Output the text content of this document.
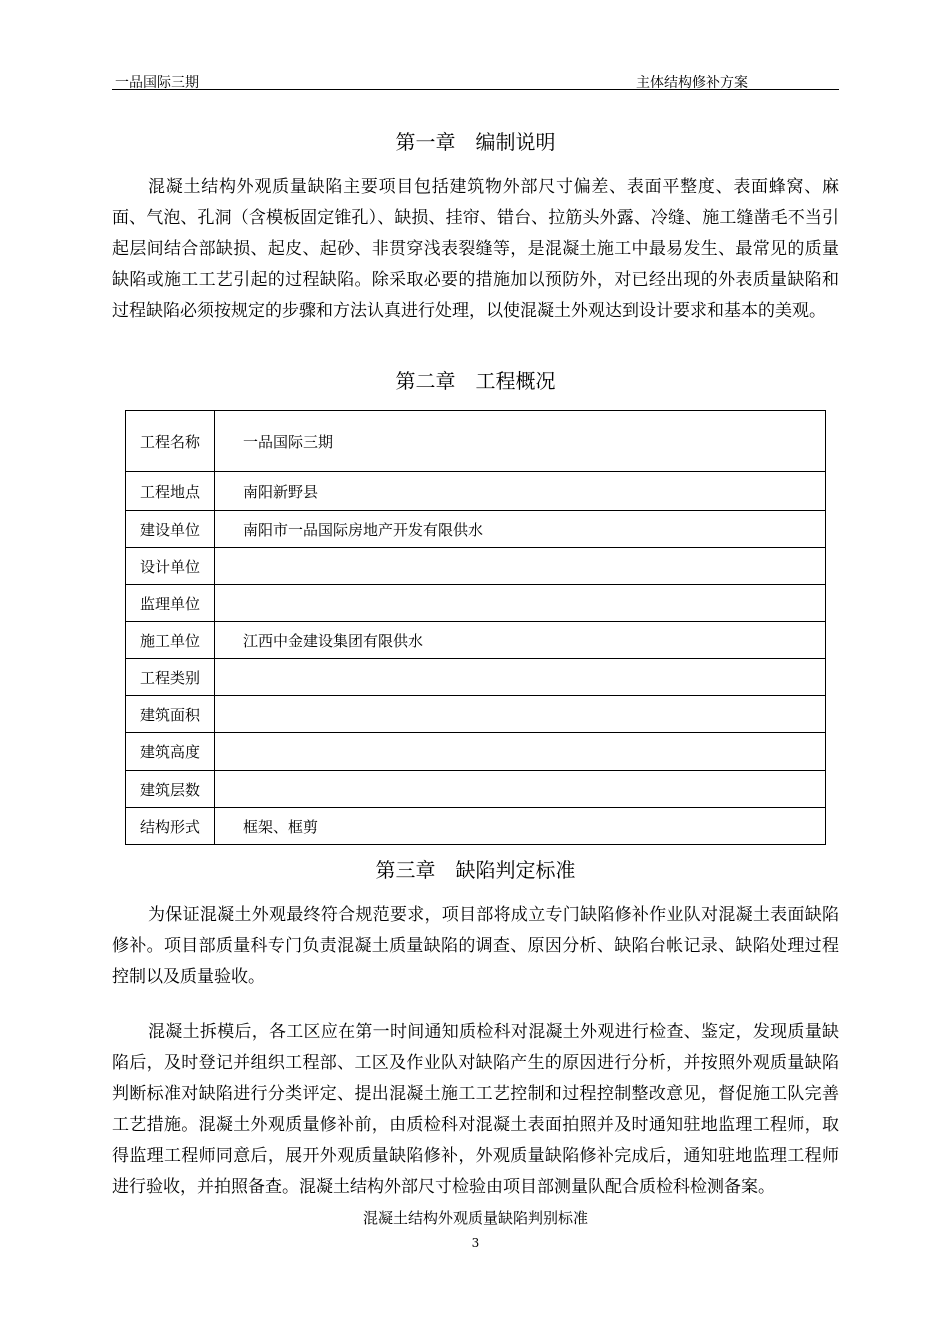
一品国际三期	主体结构修补方案
第一章　编制说明

混凝土结构外观质量缺陷主要项目包括建筑物外部尺寸偏差、表面平整度、表面蜂窝、麻面、气泡、孔洞（含模板固定锥孔）、缺损、挂帘、错台、拉筋头外露、冷缝、施工缝凿毛不当引起层间结合部缺损、起皮、起砂、非贯穿浅表裂缝等，是混凝土施工中最易发生、最常见的质量缺陷或施工工艺引起的过程缺陷。除采取必要的措施加以预防外，对已经出现的外表质量缺陷和过程缺陷必须按规定的步骤和方法认真进行处理，以使混凝土外观达到设计要求和基本的美观。

第二章　工程概况
工程名称	一品国际三期
工程地点	南阳新野县
建设单位	南阳市一品国际房地产开发有限供水
设计单位	
监理单位	
施工单位	江西中金建设集团有限供水
工程类别	
建筑面积	
建筑高度	
建筑层数	
结构形式	框架、框剪
第三章　缺陷判定标准

为保证混凝土外观最终符合规范要求，项目部将成立专门缺陷修补作业队对混凝土表面缺陷修补。项目部质量科专门负责混凝土质量缺陷的调查、原因分析、缺陷台帐记录、缺陷处理过程控制以及质量验收。

混凝土拆模后，各工区应在第一时间通知质检科对混凝土外观进行检查、鉴定，发现质量缺陷后，及时登记并组织工程部、工区及作业队对缺陷产生的原因进行分析，并按照外观质量缺陷判断标准对缺陷进行分类评定、提出混凝土施工工艺控制和过程控制整改意见，督促施工队完善工艺措施。混凝土外观质量修补前，由质检科对混凝土表面拍照并及时通知驻地监理工程师，取得监理工程师同意后，展开外观质量缺陷修补，外观质量缺陷修补完成后，通知驻地监理工程师进行验收，并拍照备查。混凝土结构外部尺寸检验由项目部测量队配合质检科检测备案。

混凝土结构外观质量缺陷判别标准
3
